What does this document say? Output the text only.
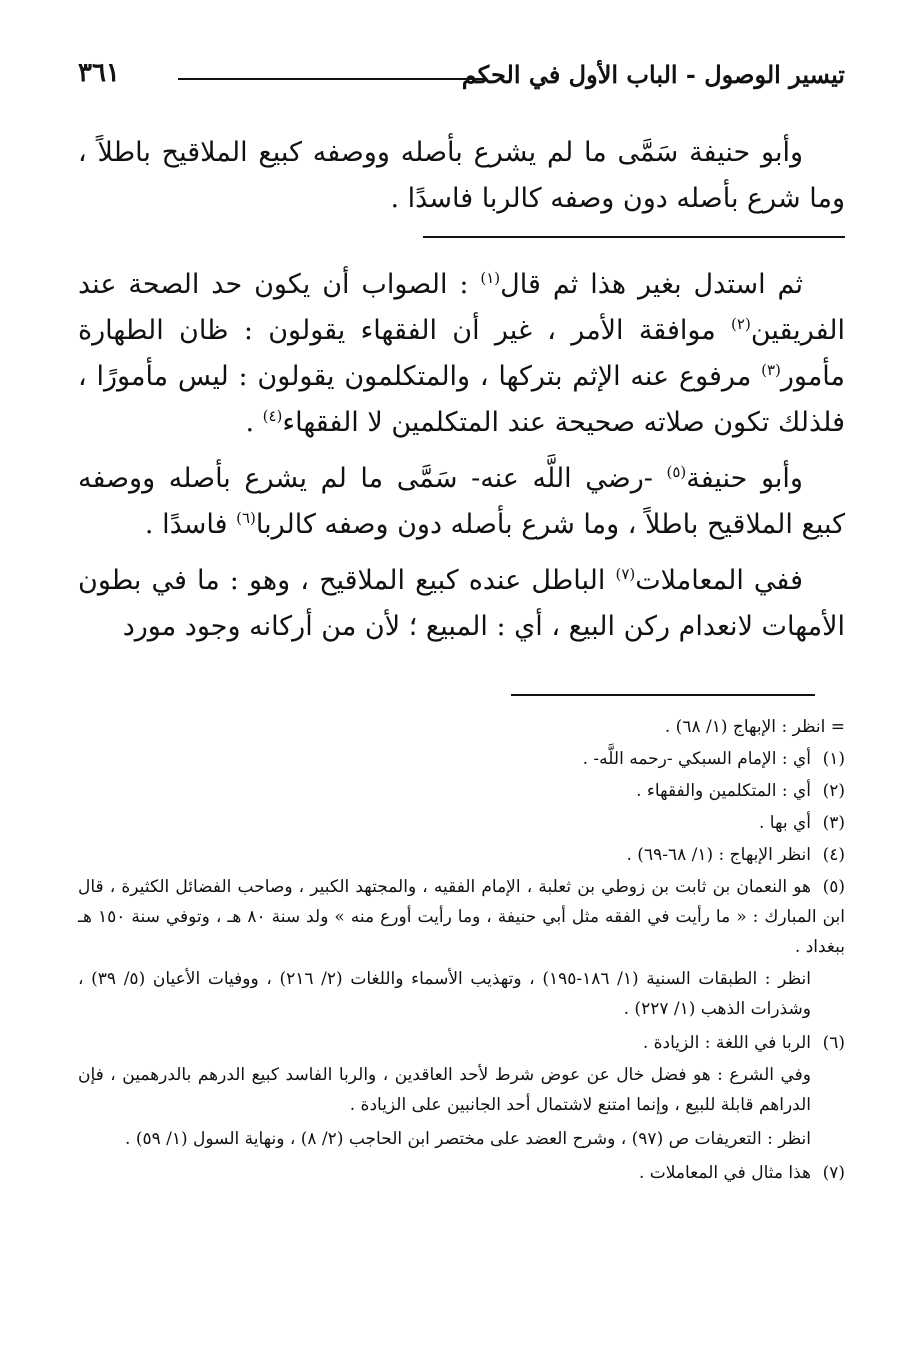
تيسير الوصول - الباب الأول في الحكم
٣٦١

وأبو حنيفة سَمَّى ما لم يشرع بأصله ووصفه كبيع الملاقيح باطلاً ، وما شرع بأصله دون وصفه كالربا فاسدًا .

ثم استدل بغير هذا ثم قال$^{(١)}$ : الصواب أن يكون حد الصحة عند الفريقين$^{(٢)}$ موافقة الأمر ، غير أن الفقهاء يقولون : ظان الطهارة مأمور$^{(٣)}$ مرفوع عنه الإثم بتركها ، والمتكلمون يقولون : ليس مأمورًا ، فلذلك تكون صلاته صحيحة عند المتكلمين لا الفقهاء$^{(٤)}$ .

وأبو حنيفة$^{(٥)}$ -رضي اللَّه عنه- سَمَّى ما لم يشرع بأصله ووصفه كبيع الملاقيح باطلاً ، وما شرع بأصله دون وصفه كالربا$^{(٦)}$ فاسدًا .

ففي المعاملات$^{(٧)}$ الباطل عنده كبيع الملاقيح ، وهو : ما في بطون الأمهات لانعدام ركن البيع ، أي : المبيع ؛ لأن من أركانه وجود مورد

= انظر : الإبهاج (١/ ٦٨) .

(١)أي : الإمام السبكي -رحمه اللَّه- .

(٢)أي : المتكلمين والفقهاء .

(٣)أي بها .

(٤)انظر الإبهاج : (١/ ٦٨-٦٩) .

(٥)هو النعمان بن ثابت بن زوطي بن ثعلبة ، الإمام الفقيه ، والمجتهد الكبير ، وصاحب الفضائل الكثيرة ، قال ابن المبارك : « ما رأيت في الفقه مثل أبي حنيفة ، وما رأيت أورع منه » ولد سنة ٨٠ هـ ، وتوفي سنة ١٥٠ هـ ببغداد .

انظر : الطبقات السنية (١/ ١٨٦-١٩٥) ، وتهذيب الأسماء واللغات (٢/ ٢١٦) ، ووفيات الأعيان (٥/ ٣٩) ، وشذرات الذهب (١/ ٢٢٧) .

(٦)الربا في اللغة : الزيادة .

وفي الشرع : هو فضل خال عن عوض شرط لأحد العاقدين ، والربا الفاسد كبيع الدرهم بالدرهمين ، فإن الدراهم قابلة للبيع ، وإنما امتنع لاشتمال أحد الجانبين على الزيادة .

انظر : التعريفات ص (٩٧) ، وشرح العضد على مختصر ابن الحاجب (٢/ ٨) ، ونهاية السول (١/ ٥٩) .

(٧)هذا مثال في المعاملات .
